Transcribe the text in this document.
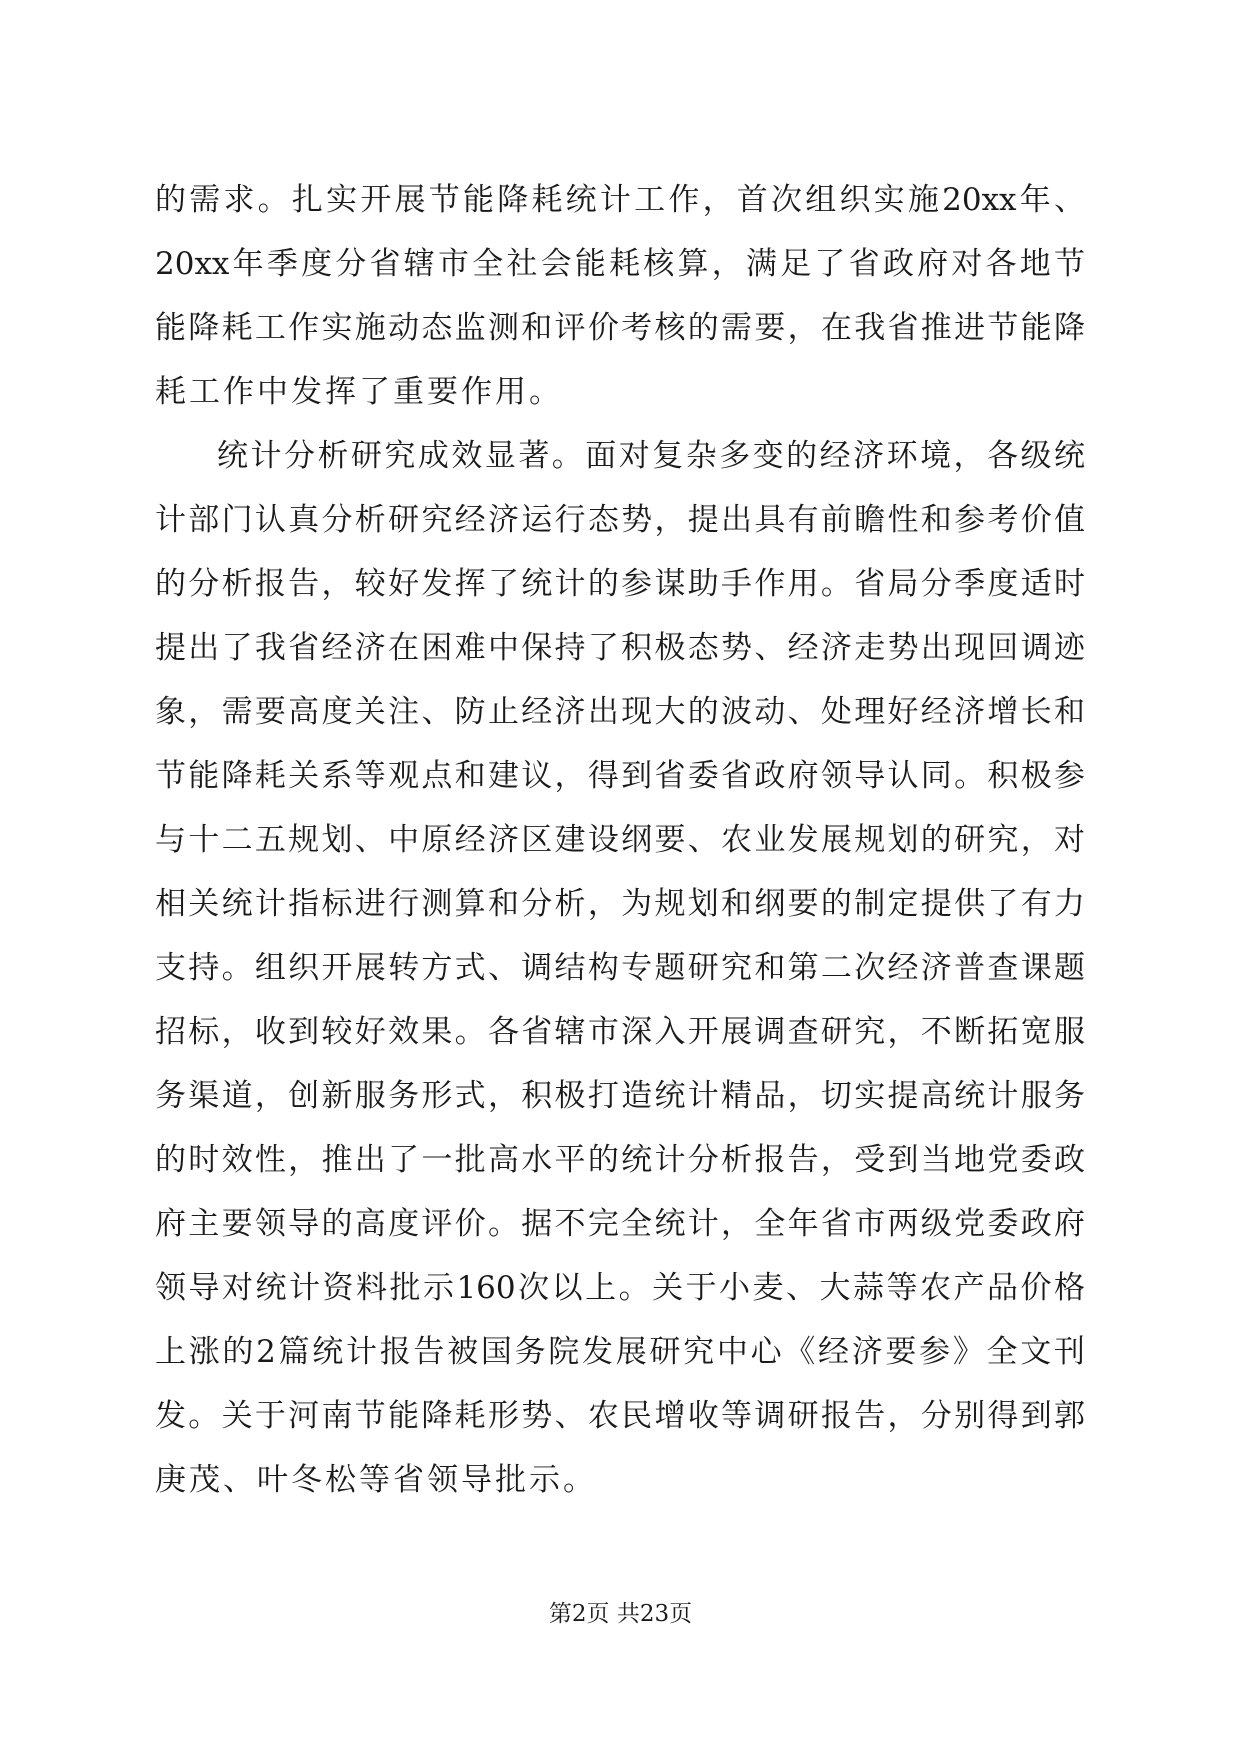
的需求。扎实开展节能降耗统计工作，首次组织实施20xx年、
20xx年季度分省辖市全社会能耗核算，满足了省政府对各地节
能降耗工作实施动态监测和评价考核的需要，在我省推进节能降
耗工作中发挥了重要作用。
统计分析研究成效显著。面对复杂多变的经济环境，各级统
计部门认真分析研究经济运行态势，提出具有前瞻性和参考价值
的分析报告，较好发挥了统计的参谋助手作用。省局分季度适时
提出了我省经济在困难中保持了积极态势、经济走势出现回调迹
象，需要高度关注、防止经济出现大的波动、处理好经济增长和
节能降耗关系等观点和建议，得到省委省政府领导认同。积极参
与十二五规划、中原经济区建设纲要、农业发展规划的研究，对
相关统计指标进行测算和分析，为规划和纲要的制定提供了有力
支持。组织开展转方式、调结构专题研究和第二次经济普查课题
招标，收到较好效果。各省辖市深入开展调查研究，不断拓宽服
务渠道，创新服务形式，积极打造统计精品，切实提高统计服务
的时效性，推出了一批高水平的统计分析报告，受到当地党委政
府主要领导的高度评价。据不完全统计，全年省市两级党委政府
领导对统计资料批示160次以上。关于小麦、大蒜等农产品价格
上涨的2篇统计报告被国务院发展研究中心《经济要参》全文刊
发。关于河南节能降耗形势、农民增收等调研报告，分别得到郭
庚茂、叶冬松等省领导批示。
第2页 共23页
